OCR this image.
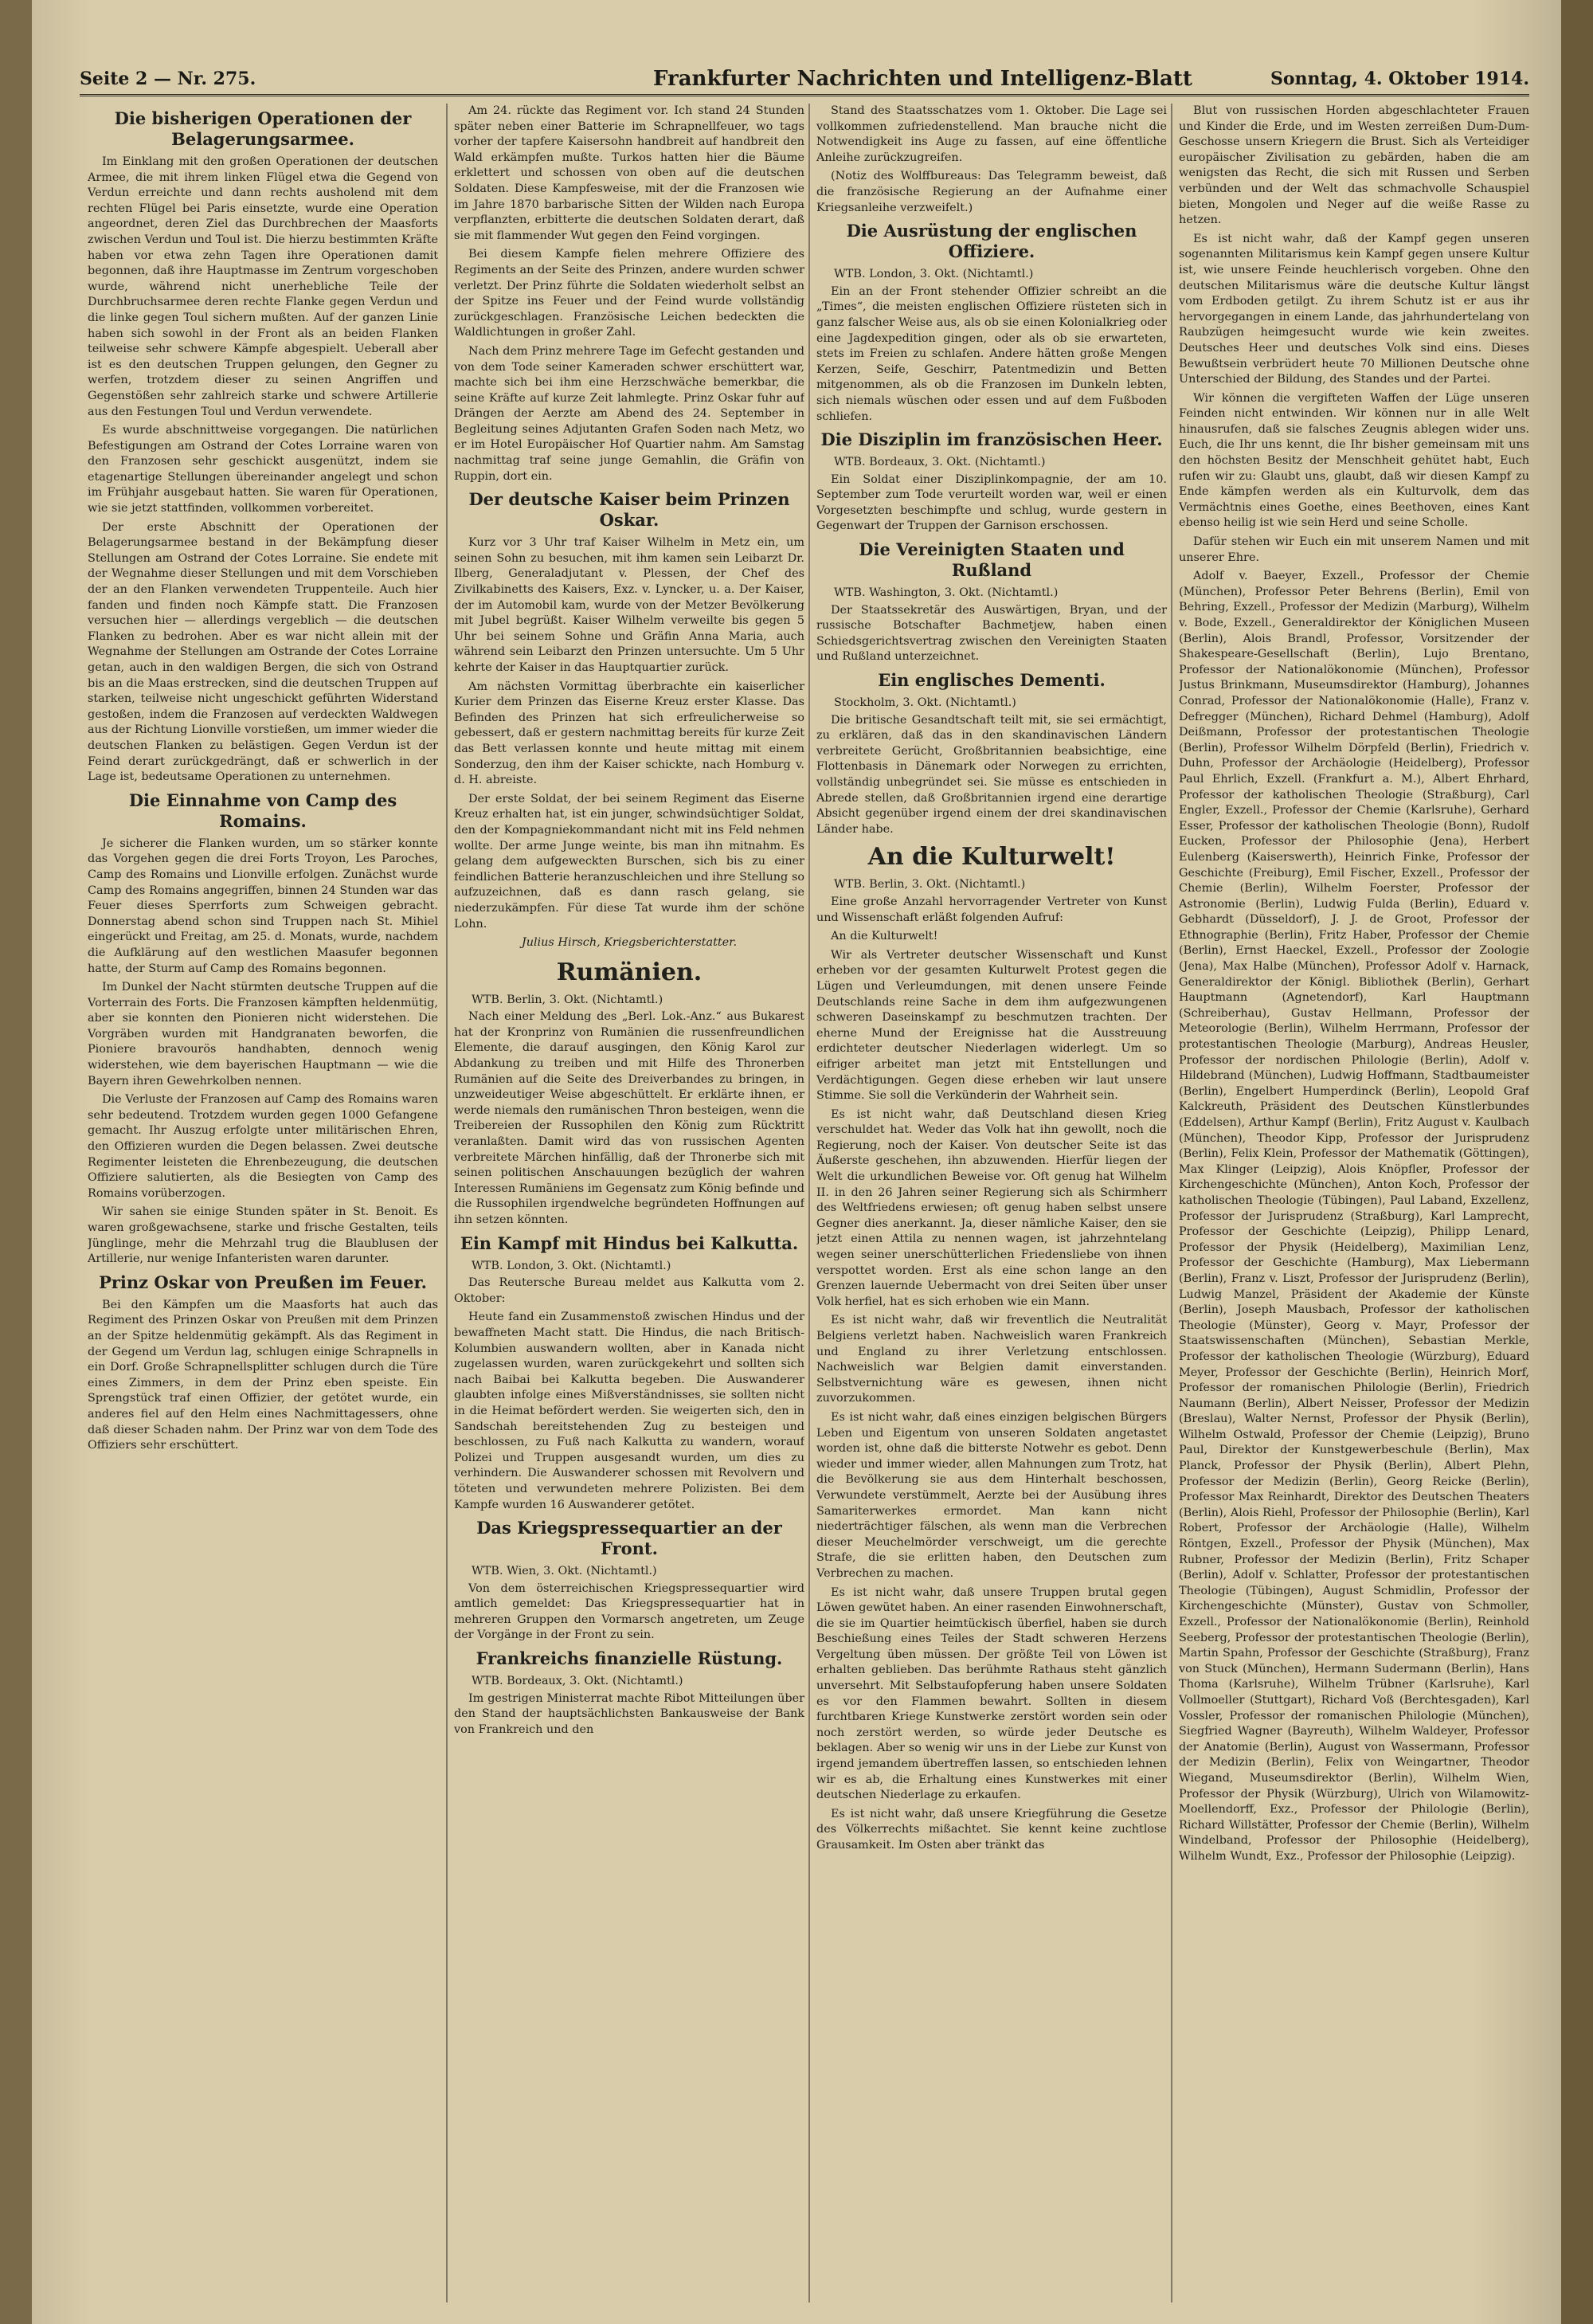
Seite 2 — Nr. 275.	Frankfurter Nachrichten und Intelligenz-Blatt	Sonntag, 4. Oktober 1914.
Die bisherigen Operationen der Belagerungsarmee.

Im Einklang mit den großen Operationen der deutschen Armee, die mit ihrem linken Flügel etwa die Gegend von Verdun erreichte und dann rechts ausholend mit dem rechten Flügel bei Paris einsetzte, wurde eine Operation angeordnet, deren Ziel das Durchbrechen der Maasforts zwischen Verdun und Toul ist. Die hierzu bestimmten Kräfte haben vor etwa zehn Tagen ihre Operationen damit begonnen, daß ihre Hauptmasse im Zentrum vorgeschoben wurde, während nicht unerhebliche Teile der Durchbruchsarmee deren rechte Flanke gegen Verdun und die linke gegen Toul sichern mußten. Auf der ganzen Linie haben sich sowohl in der Front als an beiden Flanken teilweise sehr schwere Kämpfe abgespielt. Ueberall aber ist es den deutschen Truppen gelungen, den Gegner zu werfen, trotzdem dieser zu seinen Angriffen und Gegenstößen sehr zahlreich starke und schwere Artillerie aus den Festungen Toul und Verdun verwendete.

Es wurde abschnittweise vorgegangen. Die natürlichen Befestigungen am Ostrand der Cotes Lorraine waren von den Franzosen sehr geschickt ausgenützt, indem sie etagenartige Stellungen übereinander angelegt und schon im Frühjahr ausgebaut hatten. Sie waren für Operationen, wie sie jetzt stattfinden, vollkommen vorbereitet.

Der erste Abschnitt der Operationen der Belagerungsarmee bestand in der Bekämpfung dieser Stellungen am Ostrand der Cotes Lorraine. Sie endete mit der Wegnahme dieser Stellungen und mit dem Vorschieben der an den Flanken verwendeten Truppenteile. Auch hier fanden und finden noch Kämpfe statt. Die Franzosen versuchen hier — allerdings vergeblich — die deutschen Flanken zu bedrohen. Aber es war nicht allein mit der Wegnahme der Stellungen am Ostrande der Cotes Lorraine getan, auch in den waldigen Bergen, die sich von Ostrand bis an die Maas erstrecken, sind die deutschen Truppen auf starken, teilweise nicht ungeschickt geführten Widerstand gestoßen, indem die Franzosen auf verdeckten Waldwegen aus der Richtung Lionville vorstießen, um immer wieder die deutschen Flanken zu belästigen. Gegen Verdun ist der Feind derart zurückgedrängt, daß er schwerlich in der Lage ist, bedeutsame Operationen zu unternehmen.

Die Einnahme von Camp des Romains.

Je sicherer die Flanken wurden, um so stärker konnte das Vorgehen gegen die drei Forts Troyon, Les Paroches, Camp des Romains und Lionville erfolgen. Zunächst wurde Camp des Romains angegriffen, binnen 24 Stunden war das Feuer dieses Sperrforts zum Schweigen gebracht. Donnerstag abend schon sind Truppen nach St. Mihiel eingerückt und Freitag, am 25. d. Monats, wurde, nachdem die Aufklärung auf den westlichen Maasufer begonnen hatte, der Sturm auf Camp des Romains begonnen.

Im Dunkel der Nacht stürmten deutsche Truppen auf die Vorterrain des Forts. Die Franzosen kämpften heldenmütig, aber sie konnten den Pionieren nicht widerstehen. Die Vorgräben wurden mit Handgranaten beworfen, die Pioniere bravourös handhabten, dennoch wenig widerstehen, wie dem bayerischen Hauptmann — wie die Bayern ihren Gewehrkolben nennen.

Die Verluste der Franzosen auf Camp des Romains waren sehr bedeutend. Trotzdem wurden gegen 1000 Gefangene gemacht. Ihr Auszug erfolgte unter militärischen Ehren, den Offizieren wurden die Degen belassen. Zwei deutsche Regimenter leisteten die Ehrenbezeugung, die deutschen Offiziere salutierten, als die Besiegten von Camp des Romains vorüberzogen.

Wir sahen sie einige Stunden später in St. Benoit. Es waren großgewachsene, starke und frische Gestalten, teils Jünglinge, mehr die Mehrzahl trug die Blaublusen der Artillerie, nur wenige Infanteristen waren darunter.

Prinz Oskar von Preußen im Feuer.

Bei den Kämpfen um die Maasforts hat auch das Regiment des Prinzen Oskar von Preußen mit dem Prinzen an der Spitze heldenmütig gekämpft. Als das Regiment in der Gegend um Verdun lag, schlugen einige Schrapnells in ein Dorf. Große Schrapnellsplitter schlugen durch die Türe eines Zimmers, in dem der Prinz eben speiste. Ein Sprengstück traf einen Offizier, der getötet wurde, ein anderes fiel auf den Helm eines Nachmittagessers, ohne daß dieser Schaden nahm. Der Prinz war von dem Tode des Offiziers sehr erschüttert.

Am 24. rückte das Regiment vor. Ich stand 24 Stunden später neben einer Batterie im Schrapnellfeuer, wo tags vorher der tapfere Kaisersohn handbreit auf handbreit den Wald erkämpfen mußte. Turkos hatten hier die Bäume erklettert und schossen von oben auf die deutschen Soldaten. Diese Kampfesweise, mit der die Franzosen wie im Jahre 1870 barbarische Sitten der Wilden nach Europa verpflanzten, erbitterte die deutschen Soldaten derart, daß sie mit flammender Wut gegen den Feind vorgingen.

Bei diesem Kampfe fielen mehrere Offiziere des Regiments an der Seite des Prinzen, andere wurden schwer verletzt. Der Prinz führte die Soldaten wiederholt selbst an der Spitze ins Feuer und der Feind wurde vollständig zurückgeschlagen. Französische Leichen bedeckten die Waldlichtungen in großer Zahl.

Nach dem Prinz mehrere Tage im Gefecht gestanden und von dem Tode seiner Kameraden schwer erschüttert war, machte sich bei ihm eine Herzschwäche bemerkbar, die seine Kräfte auf kurze Zeit lahmlegte. Prinz Oskar fuhr auf Drängen der Aerzte am Abend des 24. September in Begleitung seines Adjutanten Grafen Soden nach Metz, wo er im Hotel Europäischer Hof Quartier nahm. Am Samstag nachmittag traf seine junge Gemahlin, die Gräfin von Ruppin, dort ein.

Der deutsche Kaiser beim Prinzen Oskar.

Kurz vor 3 Uhr traf Kaiser Wilhelm in Metz ein, um seinen Sohn zu besuchen, mit ihm kamen sein Leibarzt Dr. Ilberg, Generaladjutant v. Plessen, der Chef des Zivilkabinetts des Kaisers, Exz. v. Lyncker, u. a. Der Kaiser, der im Automobil kam, wurde von der Metzer Bevölkerung mit Jubel begrüßt. Kaiser Wilhelm verweilte bis gegen 5 Uhr bei seinem Sohne und Gräfin Anna Maria, auch während sein Leibarzt den Prinzen untersuchte. Um 5 Uhr kehrte der Kaiser in das Hauptquartier zurück.

Am nächsten Vormittag überbrachte ein kaiserlicher Kurier dem Prinzen das Eiserne Kreuz erster Klasse. Das Befinden des Prinzen hat sich erfreulicherweise so gebessert, daß er gestern nachmittag bereits für kurze Zeit das Bett verlassen konnte und heute mittag mit einem Sonderzug, den ihm der Kaiser schickte, nach Homburg v. d. H. abreiste.

Der erste Soldat, der bei seinem Regiment das Eiserne Kreuz erhalten hat, ist ein junger, schwindsüchtiger Soldat, den der Kompagniekommandant nicht mit ins Feld nehmen wollte. Der arme Junge weinte, bis man ihn mitnahm. Es gelang dem aufgeweckten Burschen, sich bis zu einer feindlichen Batterie heranzuschleichen und ihre Stellung so aufzuzeichnen, daß es dann rasch gelang, sie niederzukämpfen. Für diese Tat wurde ihm der schöne Lohn.

Julius Hirsch, Kriegsberichterstatter.
Rumänien.
WTB. Berlin, 3. Okt. (Nichtamtl.)

Nach einer Meldung des „Berl. Lok.-Anz.“ aus Bukarest hat der Kronprinz von Rumänien die russenfreundlichen Elemente, die darauf ausgingen, den König Karol zur Abdankung zu treiben und mit Hilfe des Thronerben Rumänien auf die Seite des Dreiverbandes zu bringen, in unzweideutiger Weise abgeschüttelt. Er erklärte ihnen, er werde niemals den rumänischen Thron besteigen, wenn die Treibereien der Russophilen den König zum Rücktritt veranlaßten. Damit wird das von russischen Agenten verbreitete Märchen hinfällig, daß der Thronerbe sich mit seinen politischen Anschauungen bezüglich der wahren Interessen Rumäniens im Gegensatz zum König befinde und die Russophilen irgendwelche begründeten Hoffnungen auf ihn setzen könnten.

Ein Kampf mit Hindus bei Kalkutta.
WTB. London, 3. Okt. (Nichtamtl.)

Das Reutersche Bureau meldet aus Kalkutta vom 2. Oktober:

Heute fand ein Zusammenstoß zwischen Hindus und der bewaffneten Macht statt. Die Hindus, die nach Britisch-Kolumbien auswandern wollten, aber in Kanada nicht zugelassen wurden, waren zurückgekehrt und sollten sich nach Baibai bei Kalkutta begeben. Die Auswanderer glaubten infolge eines Mißverständnisses, sie sollten nicht in die Heimat befördert werden. Sie weigerten sich, den in Sandschah bereitstehenden Zug zu besteigen und beschlossen, zu Fuß nach Kalkutta zu wandern, worauf Polizei und Truppen ausgesandt wurden, um dies zu verhindern. Die Auswanderer schossen mit Revolvern und töteten und verwundeten mehrere Polizisten. Bei dem Kampfe wurden 16 Auswanderer getötet.

Das Kriegspressequartier an der Front.
WTB. Wien, 3. Okt. (Nichtamtl.)

Von dem österreichischen Kriegspressequartier wird amtlich gemeldet: Das Kriegspressequartier hat in mehreren Gruppen den Vormarsch angetreten, um Zeuge der Vorgänge in der Front zu sein.

Frankreichs finanzielle Rüstung.
WTB. Bordeaux, 3. Okt. (Nichtamtl.)

Im gestrigen Ministerrat machte Ribot Mitteilungen über den Stand der hauptsächlichsten Bankausweise der Bank von Frankreich und den

Stand des Staatsschatzes vom 1. Oktober. Die Lage sei vollkommen zufriedenstellend. Man brauche nicht die Notwendigkeit ins Auge zu fassen, auf eine öffentliche Anleihe zurückzugreifen.

(Notiz des Wolffbureaus: Das Telegramm beweist, daß die französische Regierung an der Aufnahme einer Kriegsanleihe verzweifelt.)

Die Ausrüstung der englischen Offiziere.
WTB. London, 3. Okt. (Nichtamtl.)

Ein an der Front stehender Offizier schreibt an die „Times“, die meisten englischen Offiziere rüsteten sich in ganz falscher Weise aus, als ob sie einen Kolonialkrieg oder eine Jagdexpedition gingen, oder als ob sie erwarteten, stets im Freien zu schlafen. Andere hätten große Mengen Kerzen, Seife, Geschirr, Patentmedizin und Betten mitgenommen, als ob die Franzosen im Dunkeln lebten, sich niemals wüschen oder essen und auf dem Fußboden schliefen.

Die Disziplin im französischen Heer.
WTB. Bordeaux, 3. Okt. (Nichtamtl.)

Ein Soldat einer Disziplinkompagnie, der am 10. September zum Tode verurteilt worden war, weil er einen Vorgesetzten beschimpfte und schlug, wurde gestern in Gegenwart der Truppen der Garnison erschossen.

Die Vereinigten Staaten und Rußland
WTB. Washington, 3. Okt. (Nichtamtl.)

Der Staatssekretär des Auswärtigen, Bryan, und der russische Botschafter Bachmetjew, haben einen Schiedsgerichtsvertrag zwischen den Vereinigten Staaten und Rußland unterzeichnet.

Ein englisches Dementi.
Stockholm, 3. Okt. (Nichtamtl.)

Die britische Gesandtschaft teilt mit, sie sei ermächtigt, zu erklären, daß das in den skandinavischen Ländern verbreitete Gerücht, Großbritannien beabsichtige, eine Flottenbasis in Dänemark oder Norwegen zu errichten, vollständig unbegründet sei. Sie müsse es entschieden in Abrede stellen, daß Großbritannien irgend eine derartige Absicht gegenüber irgend einem der drei skandinavischen Länder habe.

An die Kulturwelt!
WTB. Berlin, 3. Okt. (Nichtamtl.)

Eine große Anzahl hervorragender Vertreter von Kunst und Wissenschaft erläßt folgenden Aufruf:

An die Kulturwelt!

Wir als Vertreter deutscher Wissenschaft und Kunst erheben vor der gesamten Kulturwelt Protest gegen die Lügen und Verleumdungen, mit denen unsere Feinde Deutschlands reine Sache in dem ihm aufgezwungenen schweren Daseinskampf zu beschmutzen trachten. Der eherne Mund der Ereignisse hat die Ausstreuung erdichteter deutscher Niederlagen widerlegt. Um so eifriger arbeitet man jetzt mit Entstellungen und Verdächtigungen. Gegen diese erheben wir laut unsere Stimme. Sie soll die Verkünderin der Wahrheit sein.

Es ist nicht wahr, daß Deutschland diesen Krieg verschuldet hat. Weder das Volk hat ihn gewollt, noch die Regierung, noch der Kaiser. Von deutscher Seite ist das Äußerste geschehen, ihn abzuwenden. Hierfür liegen der Welt die urkundlichen Beweise vor. Oft genug hat Wilhelm II. in den 26 Jahren seiner Regierung sich als Schirmherr des Weltfriedens erwiesen; oft genug haben selbst unsere Gegner dies anerkannt. Ja, dieser nämliche Kaiser, den sie jetzt einen Attila zu nennen wagen, ist jahrzehntelang wegen seiner unerschütterlichen Friedensliebe von ihnen verspottet worden. Erst als eine schon lange an den Grenzen lauernde Uebermacht von drei Seiten über unser Volk herfiel, hat es sich erhoben wie ein Mann.

Es ist nicht wahr, daß wir freventlich die Neutralität Belgiens verletzt haben. Nachweislich waren Frankreich und England zu ihrer Verletzung entschlossen. Nachweislich war Belgien damit einverstanden. Selbstvernichtung wäre es gewesen, ihnen nicht zuvorzukommen.

Es ist nicht wahr, daß eines einzigen belgischen Bürgers Leben und Eigentum von unseren Soldaten angetastet worden ist, ohne daß die bitterste Notwehr es gebot. Denn wieder und immer wieder, allen Mahnungen zum Trotz, hat die Bevölkerung sie aus dem Hinterhalt beschossen, Verwundete verstümmelt, Aerzte bei der Ausübung ihres Samariterwerkes ermordet. Man kann nicht niederträchtiger fälschen, als wenn man die Verbrechen dieser Meuchelmörder verschweigt, um die gerechte Strafe, die sie erlitten haben, den Deutschen zum Verbrechen zu machen.

Es ist nicht wahr, daß unsere Truppen brutal gegen Löwen gewütet haben. An einer rasenden Einwohnerschaft, die sie im Quartier heimtückisch überfiel, haben sie durch Beschießung eines Teiles der Stadt schweren Herzens Vergeltung üben müssen. Der größte Teil von Löwen ist erhalten geblieben. Das berühmte Rathaus steht gänzlich unversehrt. Mit Selbstaufopferung haben unsere Soldaten es vor den Flammen bewahrt. Sollten in diesem furchtbaren Kriege Kunstwerke zerstört worden sein oder noch zerstört werden, so würde jeder Deutsche es beklagen. Aber so wenig wir uns in der Liebe zur Kunst von irgend jemandem übertreffen lassen, so entschieden lehnen wir es ab, die Erhaltung eines Kunstwerkes mit einer deutschen Niederlage zu erkaufen.

Es ist nicht wahr, daß unsere Kriegführung die Gesetze des Völkerrechts mißachtet. Sie kennt keine zuchtlose Grausamkeit. Im Osten aber tränkt das

Blut von russischen Horden abgeschlachteter Frauen und Kinder die Erde, und im Westen zerreißen Dum-Dum-Geschosse unsern Kriegern die Brust. Sich als Verteidiger europäischer Zivilisation zu gebärden, haben die am wenigsten das Recht, die sich mit Russen und Serben verbünden und der Welt das schmachvolle Schauspiel bieten, Mongolen und Neger auf die weiße Rasse zu hetzen.

Es ist nicht wahr, daß der Kampf gegen unseren sogenannten Militarismus kein Kampf gegen unsere Kultur ist, wie unsere Feinde heuchlerisch vorgeben. Ohne den deutschen Militarismus wäre die deutsche Kultur längst vom Erdboden getilgt. Zu ihrem Schutz ist er aus ihr hervorgegangen in einem Lande, das jahrhundertelang von Raubzügen heimgesucht wurde wie kein zweites. Deutsches Heer und deutsches Volk sind eins. Dieses Bewußtsein verbrüdert heute 70 Millionen Deutsche ohne Unterschied der Bildung, des Standes und der Partei.

Wir können die vergifteten Waffen der Lüge unseren Feinden nicht entwinden. Wir können nur in alle Welt hinausrufen, daß sie falsches Zeugnis ablegen wider uns. Euch, die Ihr uns kennt, die Ihr bisher gemeinsam mit uns den höchsten Besitz der Menschheit gehütet habt, Euch rufen wir zu: Glaubt uns, glaubt, daß wir diesen Kampf zu Ende kämpfen werden als ein Kulturvolk, dem das Vermächtnis eines Goethe, eines Beethoven, eines Kant ebenso heilig ist wie sein Herd und seine Scholle.

Dafür stehen wir Euch ein mit unserem Namen und mit unserer Ehre.

Adolf v. Baeyer, Exzell., Professor der Chemie (München), Professor Peter Behrens (Berlin), Emil von Behring, Exzell., Professor der Medizin (Marburg), Wilhelm v. Bode, Exzell., Generaldirektor der Königlichen Museen (Berlin), Alois Brandl, Professor, Vorsitzender der Shakespeare-Gesellschaft (Berlin), Lujo Brentano, Professor der Nationalökonomie (München), Professor Justus Brinkmann, Museumsdirektor (Hamburg), Johannes Conrad, Professor der Nationalökonomie (Halle), Franz v. Defregger (München), Richard Dehmel (Hamburg), Adolf Deißmann, Professor der protestantischen Theologie (Berlin), Professor Wilhelm Dörpfeld (Berlin), Friedrich v. Duhn, Professor der Archäologie (Heidelberg), Professor Paul Ehrlich, Exzell. (Frankfurt a. M.), Albert Ehrhard, Professor der katholischen Theologie (Straßburg), Carl Engler, Exzell., Professor der Chemie (Karlsruhe), Gerhard Esser, Professor der katholischen Theologie (Bonn), Rudolf Eucken, Professor der Philosophie (Jena), Herbert Eulenberg (Kaiserswerth), Heinrich Finke, Professor der Geschichte (Freiburg), Emil Fischer, Exzell., Professor der Chemie (Berlin), Wilhelm Foerster, Professor der Astronomie (Berlin), Ludwig Fulda (Berlin), Eduard v. Gebhardt (Düsseldorf), J. J. de Groot, Professor der Ethnographie (Berlin), Fritz Haber, Professor der Chemie (Berlin), Ernst Haeckel, Exzell., Professor der Zoologie (Jena), Max Halbe (München), Professor Adolf v. Harnack, Generaldirektor der Königl. Bibliothek (Berlin), Gerhart Hauptmann (Agnetendorf), Karl Hauptmann (Schreiberhau), Gustav Hellmann, Professor der Meteorologie (Berlin), Wilhelm Herrmann, Professor der protestantischen Theologie (Marburg), Andreas Heusler, Professor der nordischen Philologie (Berlin), Adolf v. Hildebrand (München), Ludwig Hoffmann, Stadtbaumeister (Berlin), Engelbert Humperdinck (Berlin), Leopold Graf Kalckreuth, Präsident des Deutschen Künstlerbundes (Eddelsen), Arthur Kampf (Berlin), Fritz August v. Kaulbach (München), Theodor Kipp, Professor der Jurisprudenz (Berlin), Felix Klein, Professor der Mathematik (Göttingen), Max Klinger (Leipzig), Alois Knöpfler, Professor der Kirchengeschichte (München), Anton Koch, Professor der katholischen Theologie (Tübingen), Paul Laband, Exzellenz, Professor der Jurisprudenz (Straßburg), Karl Lamprecht, Professor der Geschichte (Leipzig), Philipp Lenard, Professor der Physik (Heidelberg), Maximilian Lenz, Professor der Geschichte (Hamburg), Max Liebermann (Berlin), Franz v. Liszt, Professor der Jurisprudenz (Berlin), Ludwig Manzel, Präsident der Akademie der Künste (Berlin), Joseph Mausbach, Professor der katholischen Theologie (Münster), Georg v. Mayr, Professor der Staatswissenschaften (München), Sebastian Merkle, Professor der katholischen Theologie (Würzburg), Eduard Meyer, Professor der Geschichte (Berlin), Heinrich Morf, Professor der romanischen Philologie (Berlin), Friedrich Naumann (Berlin), Albert Neisser, Professor der Medizin (Breslau), Walter Nernst, Professor der Physik (Berlin), Wilhelm Ostwald, Professor der Chemie (Leipzig), Bruno Paul, Direktor der Kunstgewerbeschule (Berlin), Max Planck, Professor der Physik (Berlin), Albert Plehn, Professor der Medizin (Berlin), Georg Reicke (Berlin), Professor Max Reinhardt, Direktor des Deutschen Theaters (Berlin), Alois Riehl, Professor der Philosophie (Berlin), Karl Robert, Professor der Archäologie (Halle), Wilhelm Röntgen, Exzell., Professor der Physik (München), Max Rubner, Professor der Medizin (Berlin), Fritz Schaper (Berlin), Adolf v. Schlatter, Professor der protestantischen Theologie (Tübingen), August Schmidlin, Professor der Kirchengeschichte (Münster), Gustav von Schmoller, Exzell., Professor der Nationalökonomie (Berlin), Reinhold Seeberg, Professor der protestantischen Theologie (Berlin), Martin Spahn, Professor der Geschichte (Straßburg), Franz von Stuck (München), Hermann Sudermann (Berlin), Hans Thoma (Karlsruhe), Wilhelm Trübner (Karlsruhe), Karl Vollmoeller (Stuttgart), Richard Voß (Berchtesgaden), Karl Vossler, Professor der romanischen Philologie (München), Siegfried Wagner (Bayreuth), Wilhelm Waldeyer, Professor der Anatomie (Berlin), August von Wassermann, Professor der Medizin (Berlin), Felix von Weingartner, Theodor Wiegand, Museumsdirektor (Berlin), Wilhelm Wien, Professor der Physik (Würzburg), Ulrich von Wilamowitz-Moellendorff, Exz., Professor der Philologie (Berlin), Richard Willstätter, Professor der Chemie (Berlin), Wilhelm Windelband, Professor der Philosophie (Heidelberg), Wilhelm Wundt, Exz., Professor der Philosophie (Leipzig).
